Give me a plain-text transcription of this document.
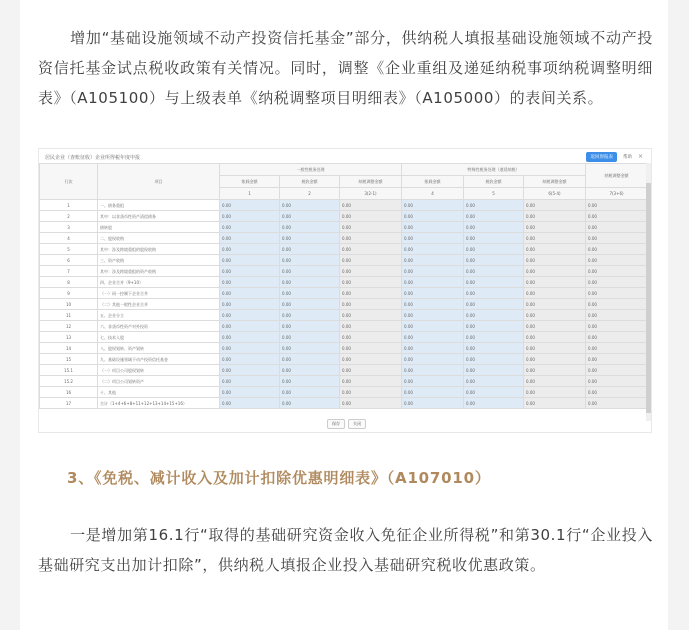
增加“基础设施领域不动产投资信托基金”部分，供纳税人填报基础设施领域不动产投资信托基金试点税收政策有关情况。同时，调整《企业重组及递延纳税事项纳税调整明细表》（A105100）与上级表单《纳税调整项目明细表》（A105000）的表间关系。
居民企业（查账征收）企业所得税年度申报	返回原报表	帮助 ×
行次	项目	一般性税务处理			特殊性税务处理（递延纳税）			纳税调整金额
		账载金额	税收金额	纳税调整金额	账载金额	税收金额	纳税调整金额	
		1	2	3(2-1)	4	5	6(5-4)	7(3+6)
1	一、债务重组	0.00	0.00	0.00	0.00	0.00	0.00	0.00
2	其中：以非货币性资产清偿债务	0.00	0.00	0.00	0.00	0.00	0.00	0.00
3	债转股	0.00	0.00	0.00	0.00	0.00	0.00	0.00
4	二、股权收购	0.00	0.00	0.00	0.00	0.00	0.00	0.00
5	其中：涉及跨境重组的股权收购	0.00	0.00	0.00	0.00	0.00	0.00	0.00
6	三、资产收购	0.00	0.00	0.00	0.00	0.00	0.00	0.00
7	其中：涉及跨境重组的资产收购	0.00	0.00	0.00	0.00	0.00	0.00	0.00
8	四、企业合并（9+10）	0.00	0.00	0.00	0.00	0.00	0.00	0.00
9	（一）同一控制下企业合并	0.00	0.00	0.00	0.00	0.00	0.00	0.00
10	（二）其他一般性企业合并	0.00	0.00	0.00	0.00	0.00	0.00	0.00
11	五、企业分立	0.00	0.00	0.00	0.00	0.00	0.00	0.00
12	六、非货币性资产对外投资	0.00	0.00	0.00	0.00	0.00	0.00	0.00
13	七、技术入股	0.00	0.00	0.00	0.00	0.00	0.00	0.00
14	八、股权划转、资产划转	0.00	0.00	0.00	0.00	0.00	0.00	0.00
15	九、基础设施领域不动产投资信托基金	0.00	0.00	0.00	0.00	0.00	0.00	0.00
15.1	（一）项目公司股权划转	0.00	0.00	0.00	0.00	0.00	0.00	0.00
15.2	（二）项目公司划转资产	0.00	0.00	0.00	0.00	0.00	0.00	0.00
16	十、其他	0.00	0.00	0.00	0.00	0.00	0.00	0.00
17	合计（1+4+6+8+11+12+13+14+15+16）	0.00	0.00	0.00	0.00	0.00	0.00	0.00
保存	关闭
3、《免税、减计收入及加计扣除优惠明细表》（A107010）
一是增加第16.1行“取得的基础研究资金收入免征企业所得税”和第30.1行“企业投入基础研究支出加计扣除”，供纳税人填报企业投入基础研究税收优惠政策。
